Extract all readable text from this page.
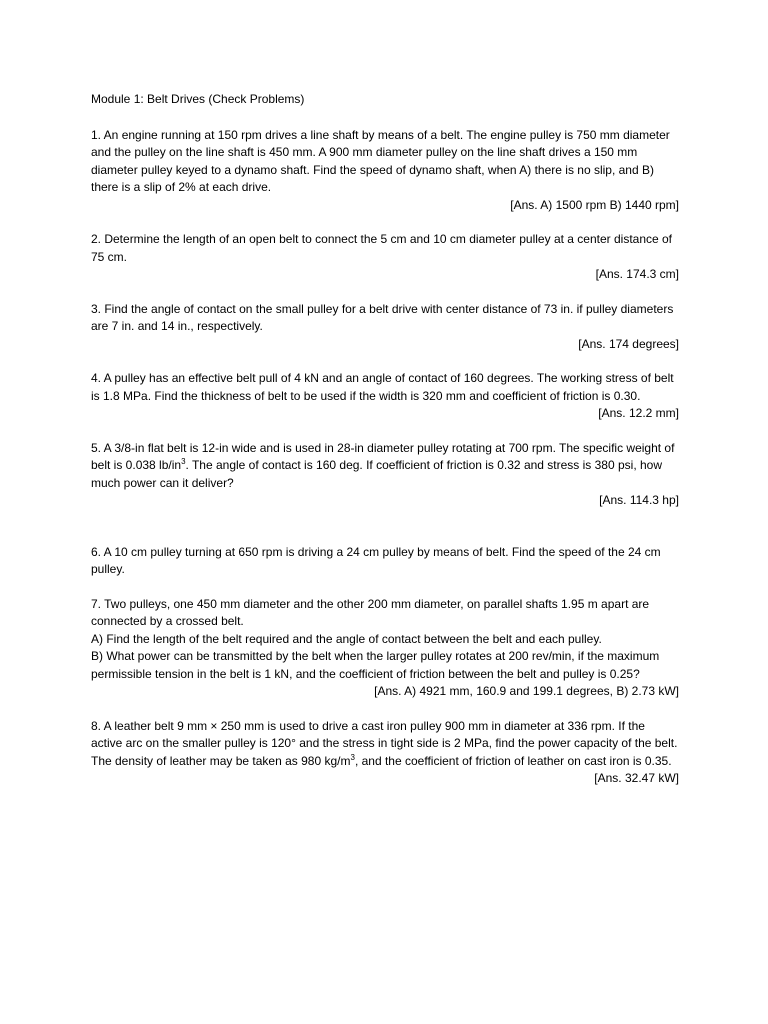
Module 1: Belt Drives (Check Problems)

1. An engine running at 150 rpm drives a line shaft by means of a belt. The engine pulley is 750 mm diameter and the pulley on the line shaft is 450 mm. A 900 mm diameter pulley on the line shaft drives a 150 mm diameter pulley keyed to a dynamo shaft. Find the speed of dynamo shaft, when A) there is no slip, and B) there is a slip of 2% at each drive.

[Ans. A) 1500 rpm B) 1440 rpm]

2. Determine the length of an open belt to connect the 5 cm and 10 cm diameter pulley at a center distance of 75 cm.

[Ans. 174.3 cm]

3. Find the angle of contact on the small pulley for a belt drive with center distance of 73 in. if pulley diameters are 7 in. and 14 in., respectively.

[Ans. 174 degrees]

4. A pulley has an effective belt pull of 4 kN and an angle of contact of 160 degrees. The working stress of belt is 1.8 MPa. Find the thickness of belt to be used if the width is 320 mm and coefficient of friction is 0.30.

[Ans. 12.2 mm]

5. A 3/8-in flat belt is 12-in wide and is used in 28-in diameter pulley rotating at 700 rpm. The specific weight of belt is 0.038 $lb/in^3$. The angle of contact is 160 deg. If coefficient of friction is 0.32 and stress is 380 psi, how much power can it deliver?

[Ans. 114.3 hp]

6. A 10 cm pulley turning at 650 rpm is driving a 24 cm pulley by means of belt. Find the speed of the 24 cm pulley.

7. Two pulleys, one 450 mm diameter and the other 200 mm diameter, on parallel shafts 1.95 m apart are connected by a crossed belt.

A) Find the length of the belt required and the angle of contact between the belt and each pulley.

B) What power can be transmitted by the belt when the larger pulley rotates at 200 rev/min, if the maximum permissible tension in the belt is 1 kN, and the coefficient of friction between the belt and pulley is 0.25?

[Ans. A) 4921 mm, 160.9 and 199.1 degrees, B) 2.73 kW]

8. A leather belt 9 mm × 250 mm is used to drive a cast iron pulley 900 mm in diameter at 336 rpm. If the active arc on the smaller pulley is 120° and the stress in tight side is 2 MPa, find the power capacity of the belt. The density of leather may be taken as 980 $kg/m^3$, and the coefficient of friction of leather on cast iron is 0.35.

[Ans. 32.47 kW]
